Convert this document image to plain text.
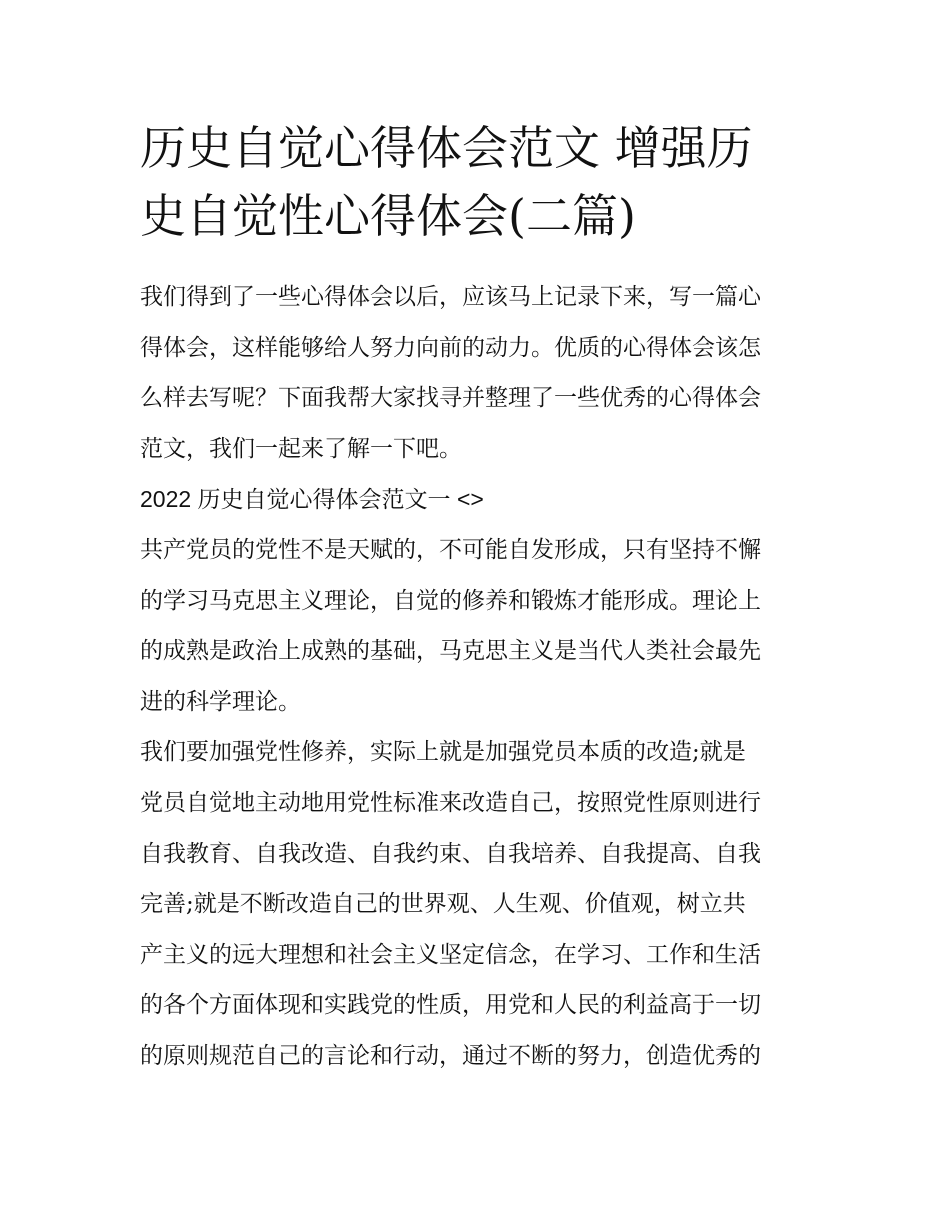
历史自觉心得体会范文 增强历
史自觉性心得体会(二篇)
我们得到了一些心得体会以后，应该马上记录下来，写一篇心
得体会，这样能够给人努力向前的动力。优质的心得体会该怎
么样去写呢？下面我帮大家找寻并整理了一些优秀的心得体会
范文，我们一起来了解一下吧。
2022 历史自觉心得体会范文一 <>
共产党员的党性不是天赋的，不可能自发形成，只有坚持不懈
的学习马克思主义理论，自觉的修养和锻炼才能形成。理论上
的成熟是政治上成熟的基础，马克思主义是当代人类社会最先
进的科学理论。
我们要加强党性修养，实际上就是加强党员本质的改造;就是
党员自觉地主动地用党性标准来改造自己，按照党性原则进行
自我教育、自我改造、自我约束、自我培养、自我提高、自我
完善;就是不断改造自己的世界观、人生观、价值观，树立共
产主义的远大理想和社会主义坚定信念，在学习、工作和生活
的各个方面体现和实践党的性质，用党和人民的利益高于一切
的原则规范自己的言论和行动，通过不断的努力，创造优秀的
